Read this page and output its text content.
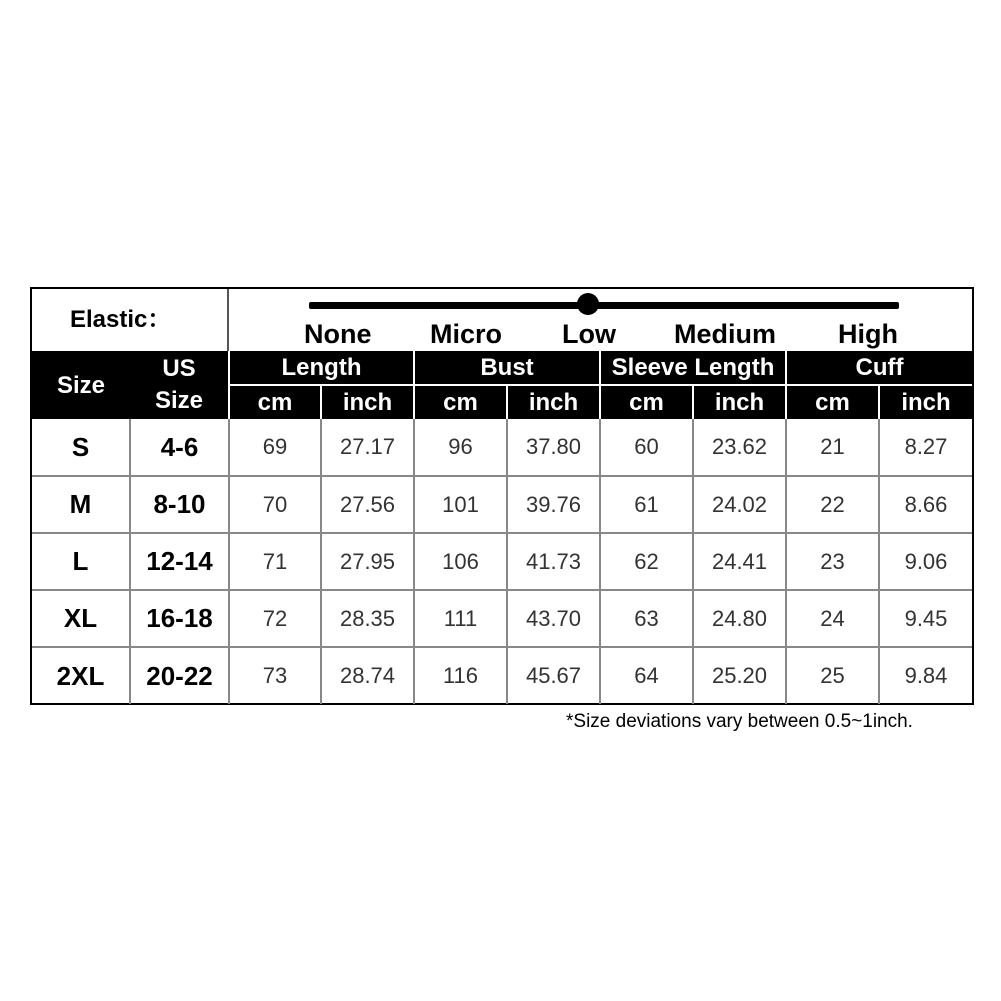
Elastic：	None Micro Low Medium High
Size	US
Size	Length		Bust		Sleeve Length		Cuff	
		cm	inch	cm	inch	cm	inch	cm	inch
S	4-6	69	27.17	96	37.80	60	23.62	21	8.27
M	8-10	70	27.56	101	39.76	61	24.02	22	8.66
L	12-14	71	27.95	106	41.73	62	24.41	23	9.06
XL	16-18	72	28.35	111	43.70	63	24.80	24	9.45
2XL	20-22	73	28.74	116	45.67	64	25.20	25	9.84
*Size deviations vary between 0.5~1inch.
